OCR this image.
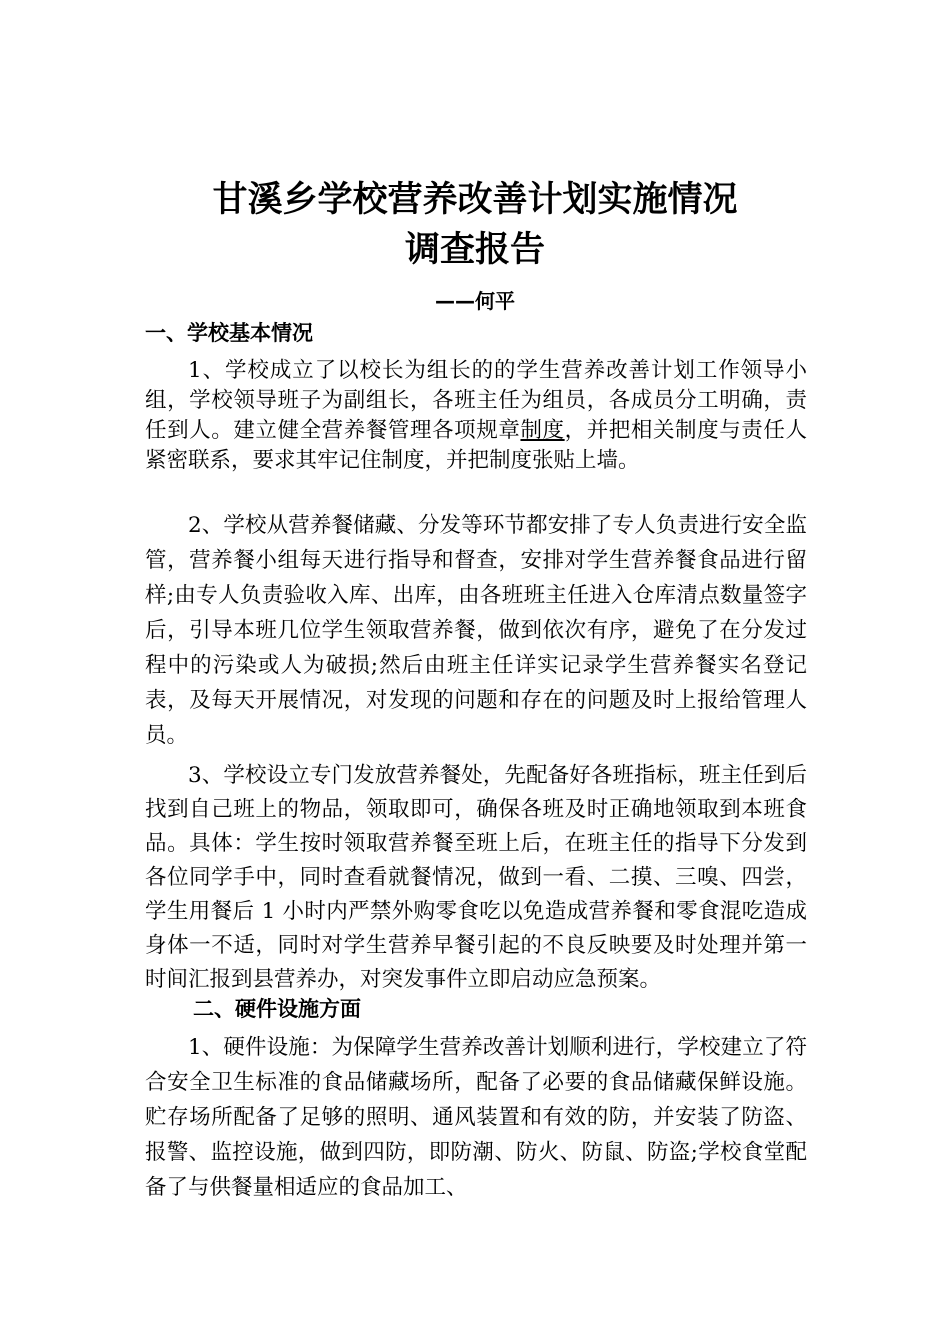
甘溪乡学校营养改善计划实施情况
调查报告
——何平
一、学校基本情况

1、学校成立了以校长为组长的的学生营养改善计划工作领导小组，学校领导班子为副组长，各班主任为组员，各成员分工明确，责任到人。建立健全营养餐管理各项规章制度，并把相关制度与责任人紧密联系，要求其牢记住制度，并把制度张贴上墙。

2、学校从营养餐储藏、分发等环节都安排了专人负责进行安全监管，营养餐小组每天进行指导和督查，安排对学生营养餐食品进行留样;由专人负责验收入库、出库，由各班班主任进入仓库清点数量签字后，引导本班几位学生领取营养餐，做到依次有序，避免了在分发过程中的污染或人为破损;然后由班主任详实记录学生营养餐实名登记表，及每天开展情况，对发现的问题和存在的问题及时上报给管理人员。

3、学校设立专门发放营养餐处，先配备好各班指标，班主任到后找到自己班上的物品，领取即可，确保各班及时正确地领取到本班食品。具体：学生按时领取营养餐至班上后，在班主任的指导下分发到各位同学手中，同时查看就餐情况，做到一看、二摸、三嗅、四尝，学生用餐后 1 小时内严禁外购零食吃以免造成营养餐和零食混吃造成身体一不适，同时对学生营养早餐引起的不良反映要及时处理并第一时间汇报到县营养办，对突发事件立即启动应急预案。

二、硬件设施方面

1、硬件设施：为保障学生营养改善计划顺利进行，学校建立了符合安全卫生标准的食品储藏场所，配备了必要的食品储藏保鲜设施。贮存场所配备了足够的照明、通风装置和有效的防，并安装了防盗、报警、监控设施，做到四防，即防潮、防火、防鼠、防盗;学校食堂配备了与供餐量相适应的食品加工、
